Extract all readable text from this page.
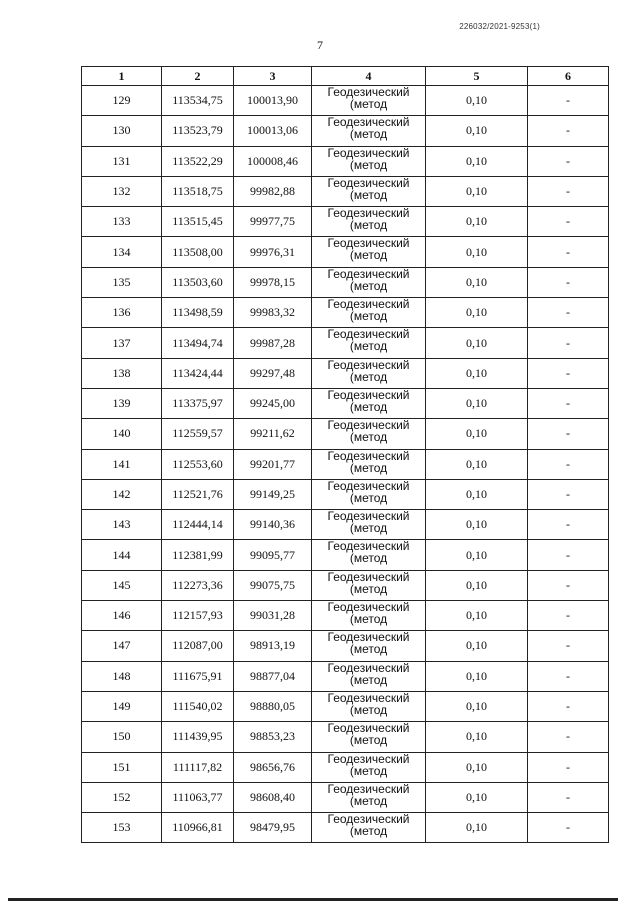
226032/2021-9253(1)
7
1	2	3	4	5	6
129	113534,75	100013,90	Геодезический
(метод	0,10	-
130	113523,79	100013,06	Геодезический
(метод	0,10	-
131	113522,29	100008,46	Геодезический
(метод	0,10	-
132	113518,75	99982,88	Геодезический
(метод	0,10	-
133	113515,45	99977,75	Геодезический
(метод	0,10	-
134	113508,00	99976,31	Геодезический
(метод	0,10	-
135	113503,60	99978,15	Геодезический
(метод	0,10	-
136	113498,59	99983,32	Геодезический
(метод	0,10	-
137	113494,74	99987,28	Геодезический
(метод	0,10	-
138	113424,44	99297,48	Геодезический
(метод	0,10	-
139	113375,97	99245,00	Геодезический
(метод	0,10	-
140	112559,57	99211,62	Геодезический
(метод	0,10	-
141	112553,60	99201,77	Геодезический
(метод	0,10	-
142	112521,76	99149,25	Геодезический
(метод	0,10	-
143	112444,14	99140,36	Геодезический
(метод	0,10	-
144	112381,99	99095,77	Геодезический
(метод	0,10	-
145	112273,36	99075,75	Геодезический
(метод	0,10	-
146	112157,93	99031,28	Геодезический
(метод	0,10	-
147	112087,00	98913,19	Геодезический
(метод	0,10	-
148	111675,91	98877,04	Геодезический
(метод	0,10	-
149	111540,02	98880,05	Геодезический
(метод	0,10	-
150	111439,95	98853,23	Геодезический
(метод	0,10	-
151	111117,82	98656,76	Геодезический
(метод	0,10	-
152	111063,77	98608,40	Геодезический
(метод	0,10	-
153	110966,81	98479,95	Геодезический
(метод	0,10	-
